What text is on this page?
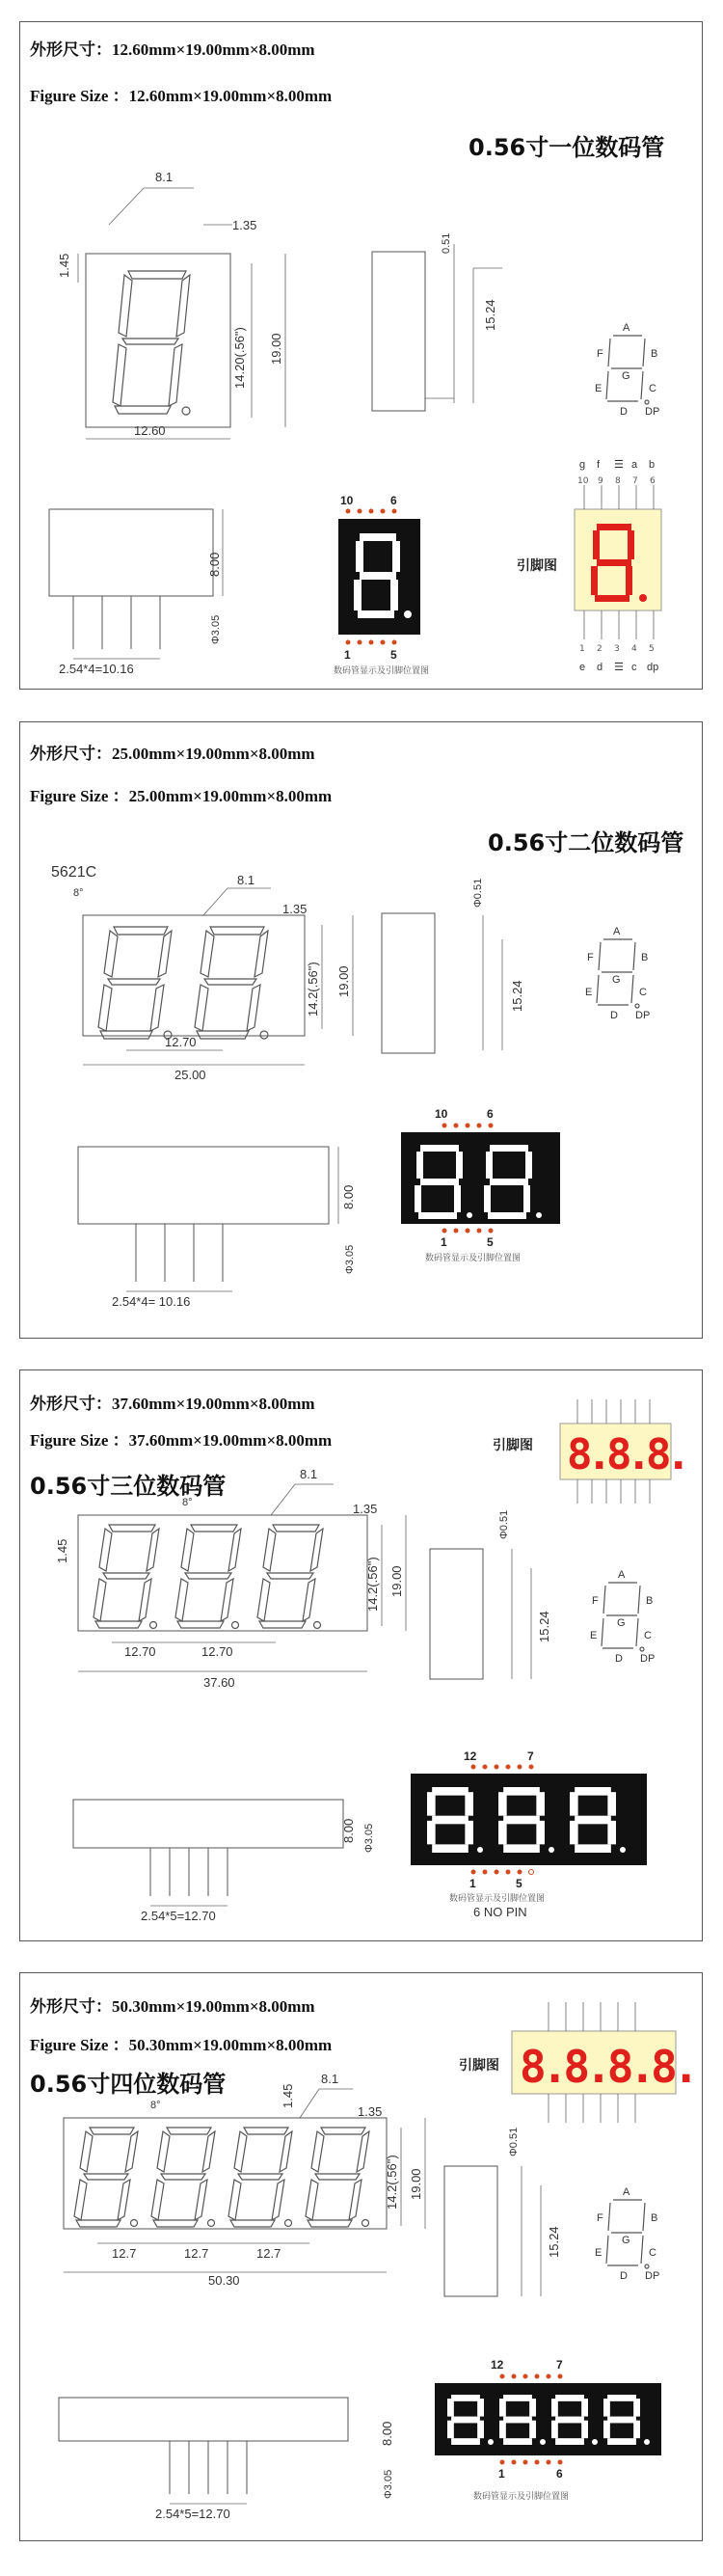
外形尺寸：12.60mm×19.00mm×8.00mm
Figure Size ：12.60mm×19.00mm×8.00mm
0.56寸一位数码管
8.1
1.35
1.45
14.20(.56") 19.00
12.60
15.24
0.51
A
F	B
G
E	C
D DP
8.00
Φ3.05
2.54*4=10.16
10	6
1	5
数码管显示及引脚位置图
引脚图
g f ☰ a b
10 9 8 7 6
1 2 3 4 5
e d ☰ c dp
外形尺寸：25.00mm×19.00mm×8.00mm
Figure Size ：25.00mm×19.00mm×8.00mm
0.56寸二位数码管
5621C
8°
8.1
1.35
14.2(.56") 19.00
12.70
25.00
Φ0.51
15.24
A
F	B
G
E	C
D DP
8.00
Φ3.05
2.54*4= 10.16
10	6
1	5
数码管显示及引脚位置图
外形尺寸：37.60mm×19.00mm×8.00mm
Figure Size ：37.60mm×19.00mm×8.00mm
0.56寸三位数码管
引脚图 8.8.8.
8°
8.1
1.35
1.45
14.2(.56") 19.00
12.70	12.70
37.60
Φ0.51
15.24
A
F	B
G
E	C
D DP
8.00 Φ3.05
2.54*5=12.70
12	7
1	5
数码管显示及引脚位置图
6 NO PIN
外形尺寸：50.30mm×19.00mm×8.00mm
Figure Size ：50.30mm×19.00mm×8.00mm
0.56寸四位数码管
引脚图 8.8.8.8.
8°
8.1
1.35
1.45
14.2(.56") 19.00
12.7	12.7	12.7
50.30
Φ0.51
15.24
A
F	B
G
E	C
D DP
8.00
Φ3.05
2.54*5=12.70
12	7
1	6
数码管显示及引脚位置图
